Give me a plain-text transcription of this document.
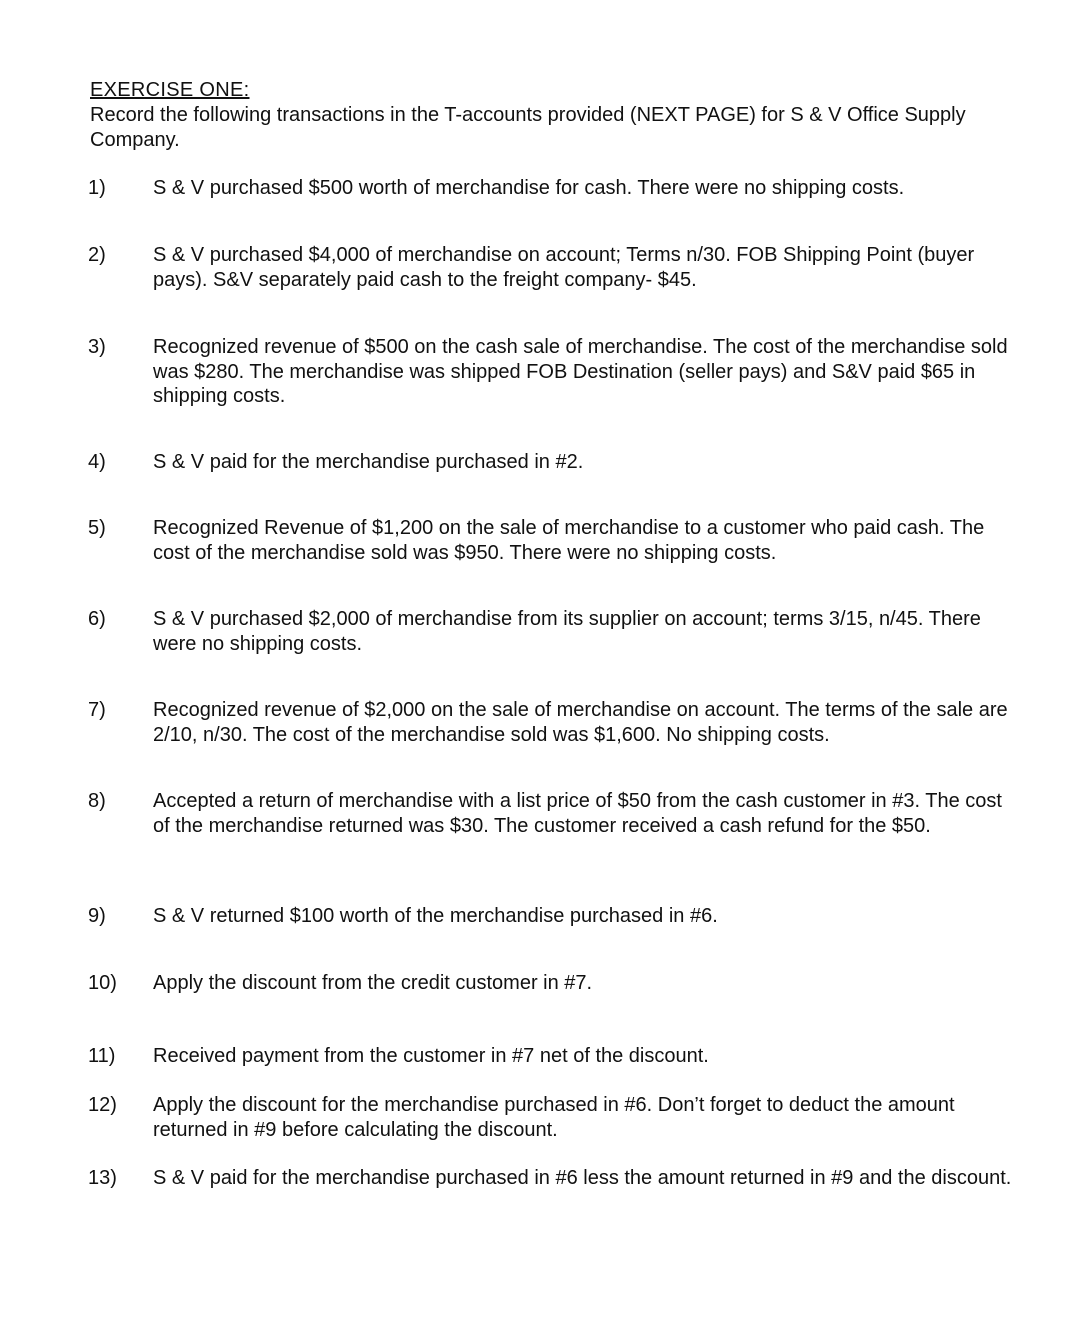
EXERCISE ONE:
Record the following transactions in the T-accounts provided (NEXT PAGE) for S & V Office Supply Company.
1)	S & V purchased $500 worth of merchandise for cash. There were no shipping costs.
2)	S & V purchased $4,000 of merchandise on account; Terms n/30. FOB Shipping Point (buyer pays). S&V separately paid cash to the freight company- $45.
3)	Recognized revenue of $500 on the cash sale of merchandise. The cost of the merchandise sold was $280. The merchandise was shipped FOB Destination (seller pays) and S&V paid $65 in shipping costs.
4)	S & V paid for the merchandise purchased in #2.
5)	Recognized Revenue of $1,200 on the sale of merchandise to a customer who paid cash. The cost of the merchandise sold was $950. There were no shipping costs.
6)	S & V purchased $2,000 of merchandise from its supplier on account; terms 3/15, n/45. There were no shipping costs.
7)	Recognized revenue of $2,000 on the sale of merchandise on account. The terms of the sale are 2/10, n/30. The cost of the merchandise sold was $1,600. No shipping costs.
8)	Accepted a return of merchandise with a list price of $50 from the cash customer in #3. The cost of the merchandise returned was $30. The customer received a cash refund for the $50.
9)	S & V returned $100 worth of the merchandise purchased in #6.
10)	Apply the discount from the credit customer in #7.
11)	Received payment from the customer in #7 net of the discount.
12)	Apply the discount for the merchandise purchased in #6. Don’t forget to deduct the amount returned in #9 before calculating the discount.
13)	S & V paid for the merchandise purchased in #6 less the amount returned in #9 and the discount.
